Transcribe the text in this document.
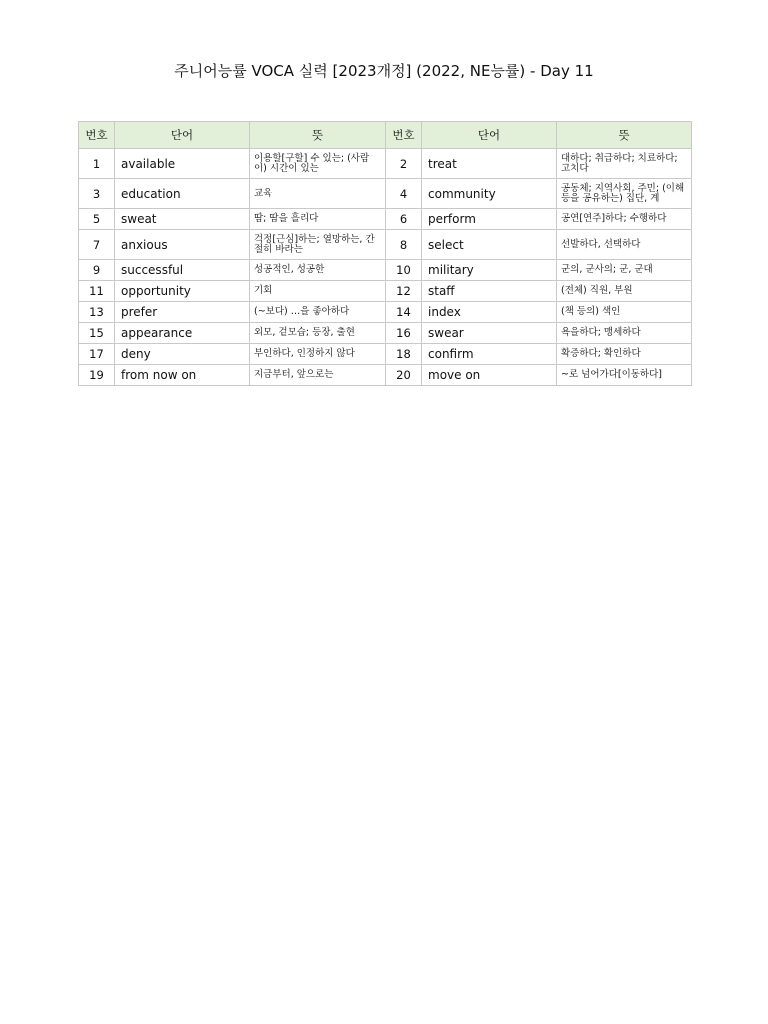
주니어능률 VOCA 실력 [2023개정] (2022, NE능률) - Day 11
번호	단어	뜻	번호	단어	뜻
1	available	이용할[구할] 수 있는; (사람이) 시간이 있는	2	treat	대하다; 취급하다; 치료하다; 고치다
3	education	교육	4	community	공동체; 지역사회, 주민; (이해 등을 공유하는) 집단, 계
5	sweat	땀; 땀을 흘리다	6	perform	공연[연주]하다; 수행하다
7	anxious	걱정[근심]하는; 열망하는, 간절히 바라는	8	select	선발하다, 선택하다
9	successful	성공적인, 성공한	10	military	군의, 군사의; 군, 군대
11	opportunity	기회	12	staff	(전체) 직원, 부원
13	prefer	(~보다) …을 좋아하다	14	index	(책 등의) 색인
15	appearance	외모, 겉모습; 등장, 출현	16	swear	욕을하다; 맹세하다
17	deny	부인하다, 인정하지 않다	18	confirm	확증하다; 확인하다
19	from now on	지금부터, 앞으로는	20	move on	~로 넘어가다[이동하다]
